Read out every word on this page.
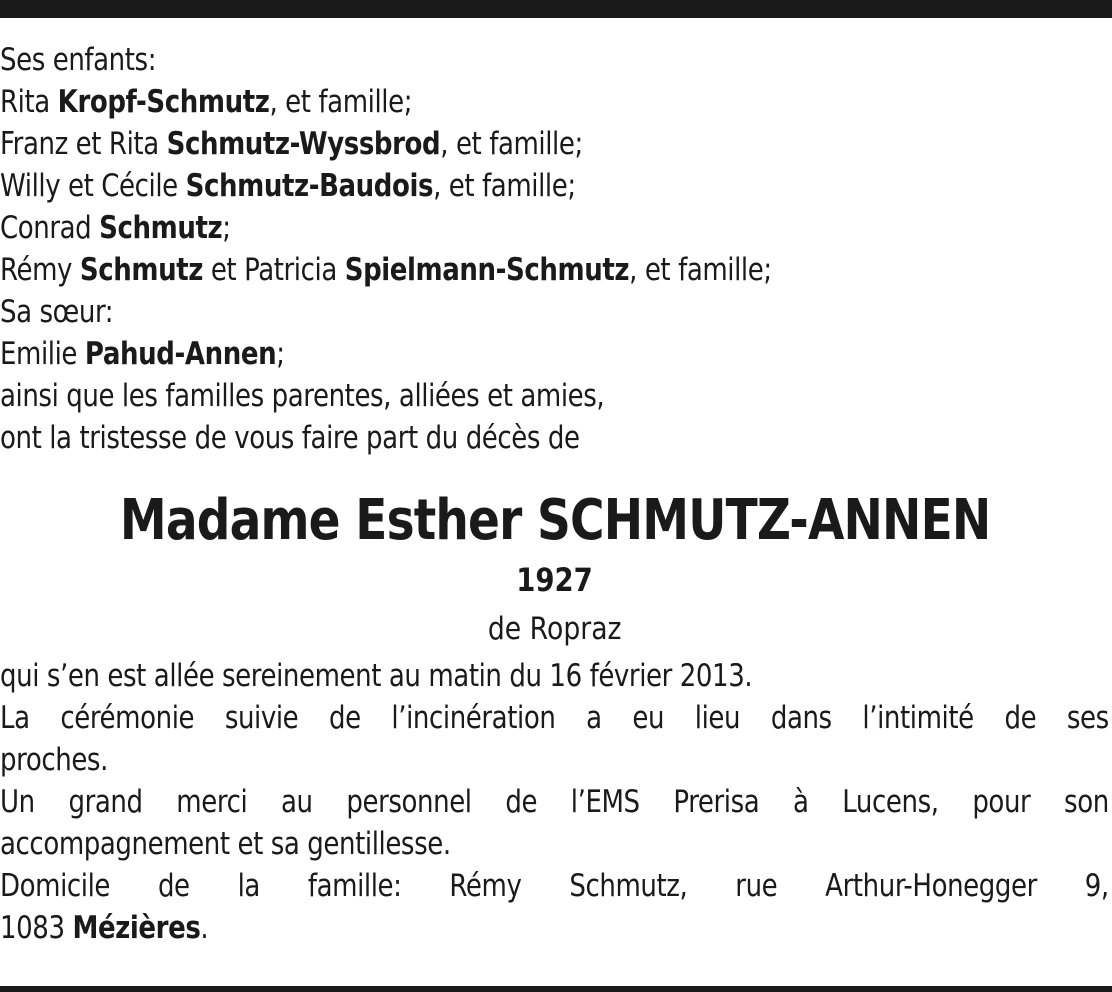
Ses enfants:
Rita Kropf-Schmutz, et famille;
Franz et Rita Schmutz-Wyssbrod, et famille;
Willy et Cécile Schmutz-Baudois, et famille;
Conrad Schmutz;
Rémy Schmutz et Patricia Spielmann-Schmutz, et famille;
Sa sœur:
Emilie Pahud-Annen;
ainsi que les familles parentes, alliées et amies,
ont la tristesse de vous faire part du décès de
Madame Esther SCHMUTZ-ANNEN
1927
de Ropraz
qui s’en est allée sereinement au matin du 16 février 2013.
La cérémonie suivie de l’incinération a eu lieu dans l’intimité de ses
proches.
Un grand merci au personnel de l’EMS Prerisa à Lucens, pour son
accompagnement et sa gentillesse.
Domicile de la famille: Rémy Schmutz, rue Arthur-Honegger 9,
1083 Mézières.
